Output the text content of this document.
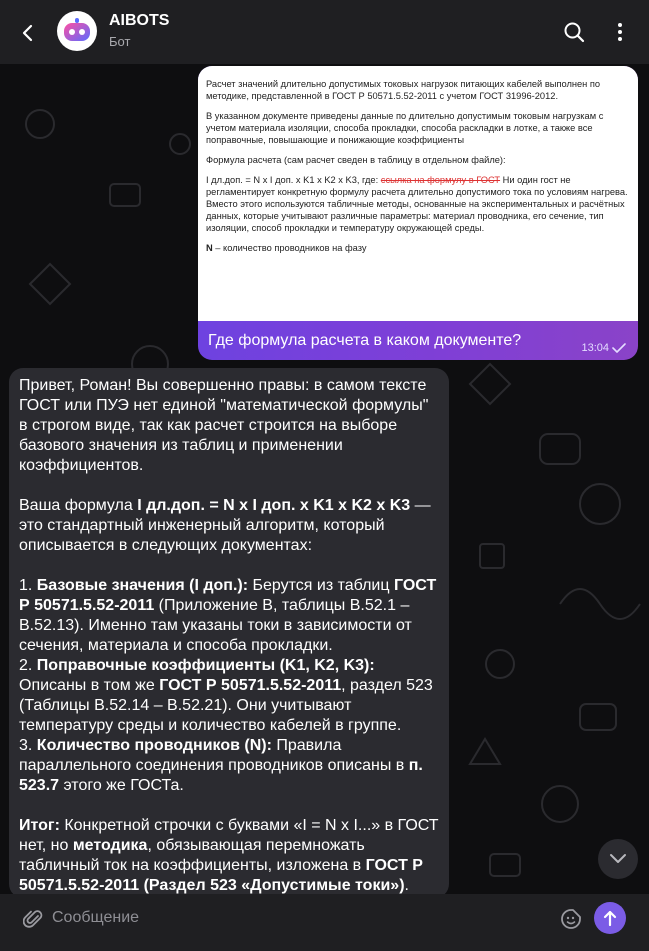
AIBOTS
Бот

Расчет значений длительно допустимых токовых нагрузок питающих кабелей выполнен по методике, представленной в ГОСТ Р 50571.5.52-2011 с учетом ГОСТ 31996-2012.

В указанном документе приведены данные по длительно допустимым токовым нагрузкам с учетом материала изоляции, способа прокладки, способа раскладки в лотке, а также все поправочные, повышающие и понижающие коэффициенты

Формула расчета (сам расчет сведен в таблицу в отдельном файле):

I дл.доп. = N x I доп. x K1 x K2 x K3, где: ссылка на формулу в ГОСТ Ни один гост не регламентирует конкретную формулу расчета длительно допустимого тока по условиям нагрева. Вместо этого используются табличные методы, основанные на экспериментальных и расчётных данных, которые учитывают различные параметры: материал проводника, его сечение, тип изоляции, способ прокладки и температуру окружающей среды.

N – количество проводников на фазу

Где формула расчета в каком документе?	13:04
Привет, Роман! Вы совершенно правы: в самом тексте ГОСТ или ПУЭ нет единой "математической формулы" в строгом виде, так как расчет строится на выборе базового значения из таблиц и применении коэффициентов.
Ваша формула I дл.доп. = N x I доп. x K1 x K2 x K3 — это стандартный инженерный алгоритм, который описывается в следующих документах:
1. Базовые значения (I доп.): Берутся из таблиц ГОСТ Р 50571.5.52-2011 (Приложение B, таблицы B.52.1 – B.52.13). Именно там указаны токи в зависимости от сечения, материала и способа прокладки.
2. Поправочные коэффициенты (K1, K2, K3): Описаны в том же ГОСТ Р 50571.5.52-2011, раздел 523 (Таблицы B.52.14 – B.52.21). Они учитывают температуру среды и количество кабелей в группе.
3. Количество проводников (N): Правила параллельного соединения проводников описаны в п. 523.7 этого же ГОСТа.
Итог: Конкретной строчки с буквами «I = N x I...» в ГОСТ нет, но методика, обязывающая перемножать табличный ток на коэффициенты, изложена в ГОСТ Р 50571.5.52-2011 (Раздел 523 «Допустимые токи»).
Сообщение
